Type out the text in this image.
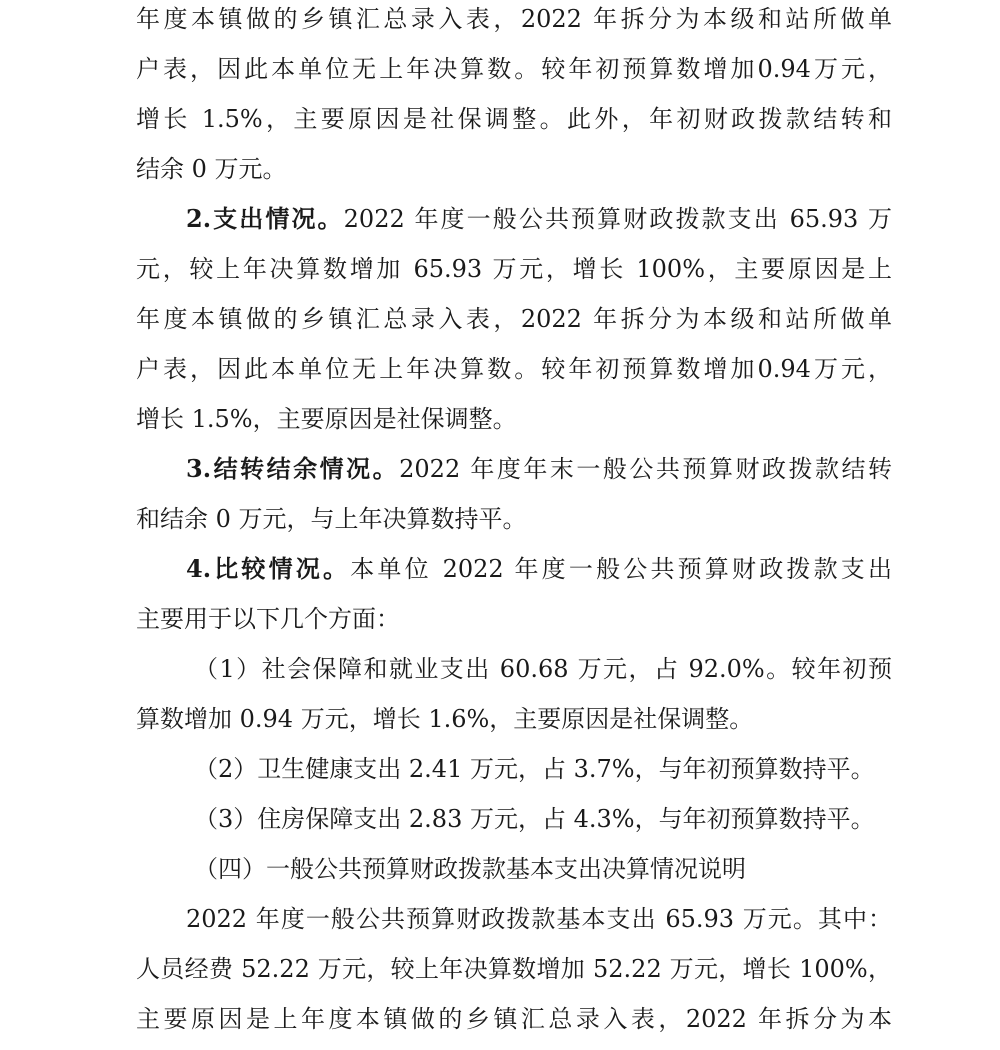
年度本镇做的乡镇汇总录入表，2022 年拆分为本级和站所做单
户表，因此本单位无上年决算数。较年初预算数增加0.94万元，
增长 1.5%，主要原因是社保调整。此外，年初财政拨款结转和
结余 0 万元。
2.支出情况。2022 年度一般公共预算财政拨款支出 65.93 万
元，较上年决算数增加 65.93 万元，增长 100%，主要原因是上
年度本镇做的乡镇汇总录入表，2022 年拆分为本级和站所做单
户表，因此本单位无上年决算数。较年初预算数增加0.94万元，
增长 1.5%，主要原因是社保调整。
3.结转结余情况。2022 年度年末一般公共预算财政拨款结转
和结余 0 万元，与上年决算数持平。
4.比较情况。本单位 2022 年度一般公共预算财政拨款支出
主要用于以下几个方面：
（1）社会保障和就业支出 60.68 万元，占 92.0%。较年初预
算数增加 0.94 万元，增长 1.6%，主要原因是社保调整。
（2）卫生健康支出 2.41 万元，占 3.7%，与年初预算数持平。
（3）住房保障支出 2.83 万元，占 4.3%，与年初预算数持平。
（四）一般公共预算财政拨款基本支出决算情况说明
2022 年度一般公共预算财政拨款基本支出 65.93 万元。其中：
人员经费 52.22 万元，较上年决算数增加 52.22 万元，增长 100%，
主要原因是上年度本镇做的乡镇汇总录入表，2022 年拆分为本
